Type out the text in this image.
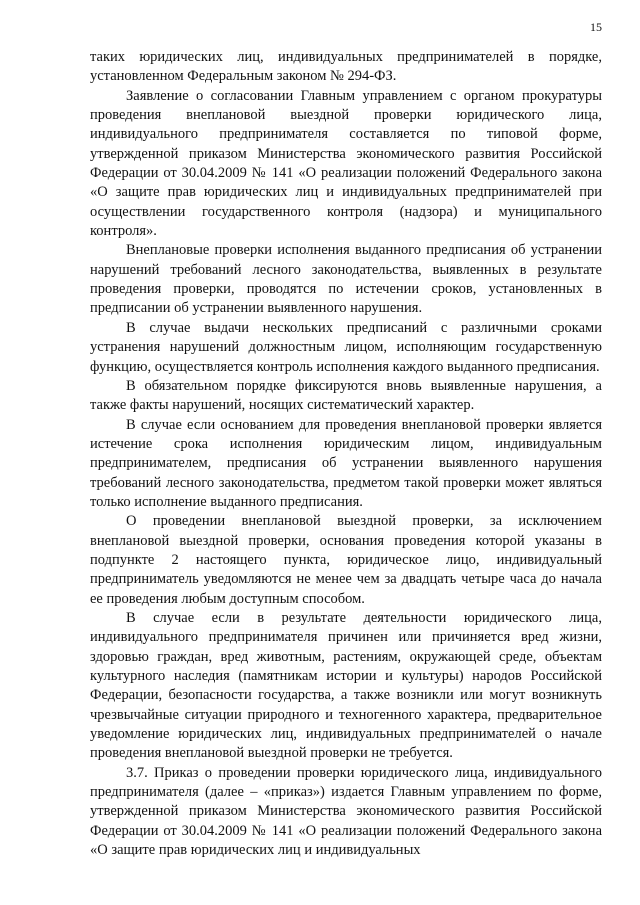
15

таких юридических лиц, индивидуальных предпринимателей в порядке, установленном Федеральным законом № 294-ФЗ.

Заявление о согласовании Главным управлением с органом прокуратуры проведения внеплановой выездной проверки юридического лица, индивидуального предпринимателя составляется по типовой форме, утвержденной приказом Министерства экономического развития Российской Федерации от 30.04.2009 № 141 «О реализации положений Федерального закона «О защите прав юридических лиц и индивидуальных предпринимателей при осуществлении государственного контроля (надзора) и муниципального контроля».

Внеплановые проверки исполнения выданного предписания об устранении нарушений требований лесного законодательства, выявленных в результате проведения проверки, проводятся по истечении сроков, установленных в предписании об устранении выявленного нарушения.

В случае выдачи нескольких предписаний с различными сроками устранения нарушений должностным лицом, исполняющим государственную функцию, осуществляется контроль исполнения каждого выданного предписания.

В обязательном порядке фиксируются вновь выявленные нарушения, а также факты нарушений, носящих систематический характер.

В случае если основанием для проведения внеплановой проверки является истечение срока исполнения юридическим лицом, индивидуальным предпринимателем, предписания об устранении выявленного нарушения требований лесного законодательства, предметом такой проверки может являться только исполнение выданного предписания.

О проведении внеплановой выездной проверки, за исключением внеплановой выездной проверки, основания проведения которой указаны в подпункте 2 настоящего пункта, юридическое лицо, индивидуальный предприниматель уведомляются не менее чем за двадцать четыре часа до начала ее проведения любым доступным способом.

В случае если в результате деятельности юридического лица, индивидуального предпринимателя причинен или причиняется вред жизни, здоровью граждан, вред животным, растениям, окружающей среде, объектам культурного наследия (памятникам истории и культуры) народов Российской Федерации, безопасности государства, а также возникли или могут возникнуть чрезвычайные ситуации природного и техногенного характера, предварительное уведомление юридических лиц, индивидуальных предпринимателей о начале проведения внеплановой выездной проверки не требуется.

3.7. Приказ о проведении проверки юридического лица, индивидуального предпринимателя (далее – «приказ») издается Главным управлением по форме, утвержденной приказом Министерства экономического развития Российской Федерации от 30.04.2009 № 141 «О реализации положений Федерального закона «О защите прав юридических лиц и индивидуальных
